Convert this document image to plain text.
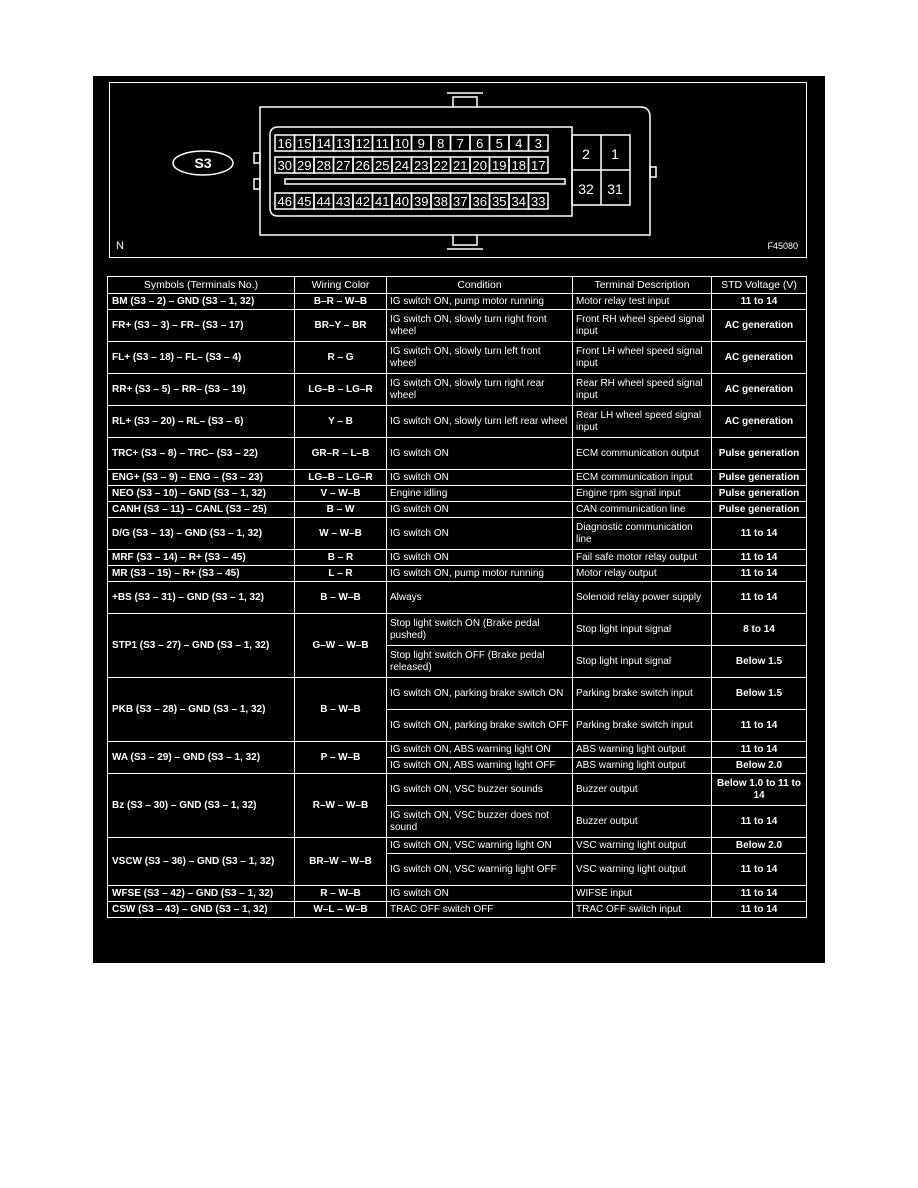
S3
16 15 14 13 12 11 10 9 8 7 6 5 4 3
30 29 28 27 26 25 24 23 22 21 20 19 18 17
46 45 44 43 42 41 40 39 38 37 36 35 34 33
2 1
32 31
N	F45080
Symbols (Terminals No.)	Wiring Color	Condition	Terminal Description	STD Voltage (V)
BM (S3 – 2) – GND (S3 – 1, 32)	B–R – W–B	IG switch ON, pump motor running	Motor relay test input	11 to 14
FR+ (S3 – 3) – FR– (S3 – 17)	BR–Y – BR	IG switch ON, slowly turn right front wheel	Front RH wheel speed signal input	AC generation
FL+ (S3 – 18) – FL– (S3 – 4)	R – G	IG switch ON, slowly turn left front wheel	Front LH wheel speed signal input	AC generation
RR+ (S3 – 5) – RR– (S3 – 19)	LG–B – LG–R	IG switch ON, slowly turn right rear wheel	Rear RH wheel speed signal input	AC generation
RL+ (S3 – 20) – RL– (S3 – 6)	Y – B	IG switch ON, slowly turn left rear wheel	Rear LH wheel speed signal input	AC generation
TRC+ (S3 – 8) – TRC– (S3 – 22)	GR–R – L–B	IG switch ON	ECM communication output	Pulse generation
ENG+ (S3 – 9) – ENG – (S3 – 23)	LG–B – LG–R	IG switch ON	ECM communication input	Pulse generation
NEO (S3 – 10) – GND (S3 – 1, 32)	V – W–B	Engine idling	Engine rpm signal input	Pulse generation
CANH (S3 – 11) – CANL (S3 – 25)	B – W	IG switch ON	CAN communication line	Pulse generation
D/G (S3 – 13) – GND (S3 – 1, 32)	W – W–B	IG switch ON	Diagnostic communication line	11 to 14
MRF (S3 – 14) – R+ (S3 – 45)	B – R	IG switch ON	Fail safe motor relay output	11 to 14
MR (S3 – 15) – R+ (S3 – 45)	L – R	IG switch ON, pump motor running	Motor relay output	11 to 14
+BS (S3 – 31) – GND (S3 – 1, 32)	B – W–B	Always	Solenoid relay power supply	11 to 14
STP1 (S3 – 27) – GND (S3 – 1, 32)	G–W – W–B	Stop light switch ON (Brake pedal pushed)	Stop light input signal	8 to 14
		Stop light switch OFF (Brake pedal released)	Stop light input signal	Below 1.5
PKB (S3 – 28) – GND (S3 – 1, 32)	B – W–B	IG switch ON, parking brake switch ON	Parking brake switch input	Below 1.5
		IG switch ON, parking brake switch OFF	Parking brake switch input	11 to 14
WA (S3 – 29) – GND (S3 – 1, 32)	P – W–B	IG switch ON, ABS warning light ON	ABS warning light output	11 to 14
		IG switch ON, ABS warning light OFF	ABS warning light output	Below 2.0
Bz (S3 – 30) – GND (S3 – 1, 32)	R–W – W–B	IG switch ON, VSC buzzer sounds	Buzzer output	Below 1.0 to 11 to 14
		IG switch ON, VSC buzzer does not sound	Buzzer output	11 to 14
VSCW (S3 – 36) – GND (S3 – 1, 32)	BR–W – W–B	IG switch ON, VSC warning light ON	VSC warning light output	Below 2.0
		IG switch ON, VSC warning light OFF	VSC warning light output	11 to 14
WFSE (S3 – 42) – GND (S3 – 1, 32)	R – W–B	IG switch ON	WIFSE input	11 to 14
CSW (S3 – 43) – GND (S3 – 1, 32)	W–L – W–B	TRAC OFF switch OFF	TRAC OFF switch input	11 to 14
